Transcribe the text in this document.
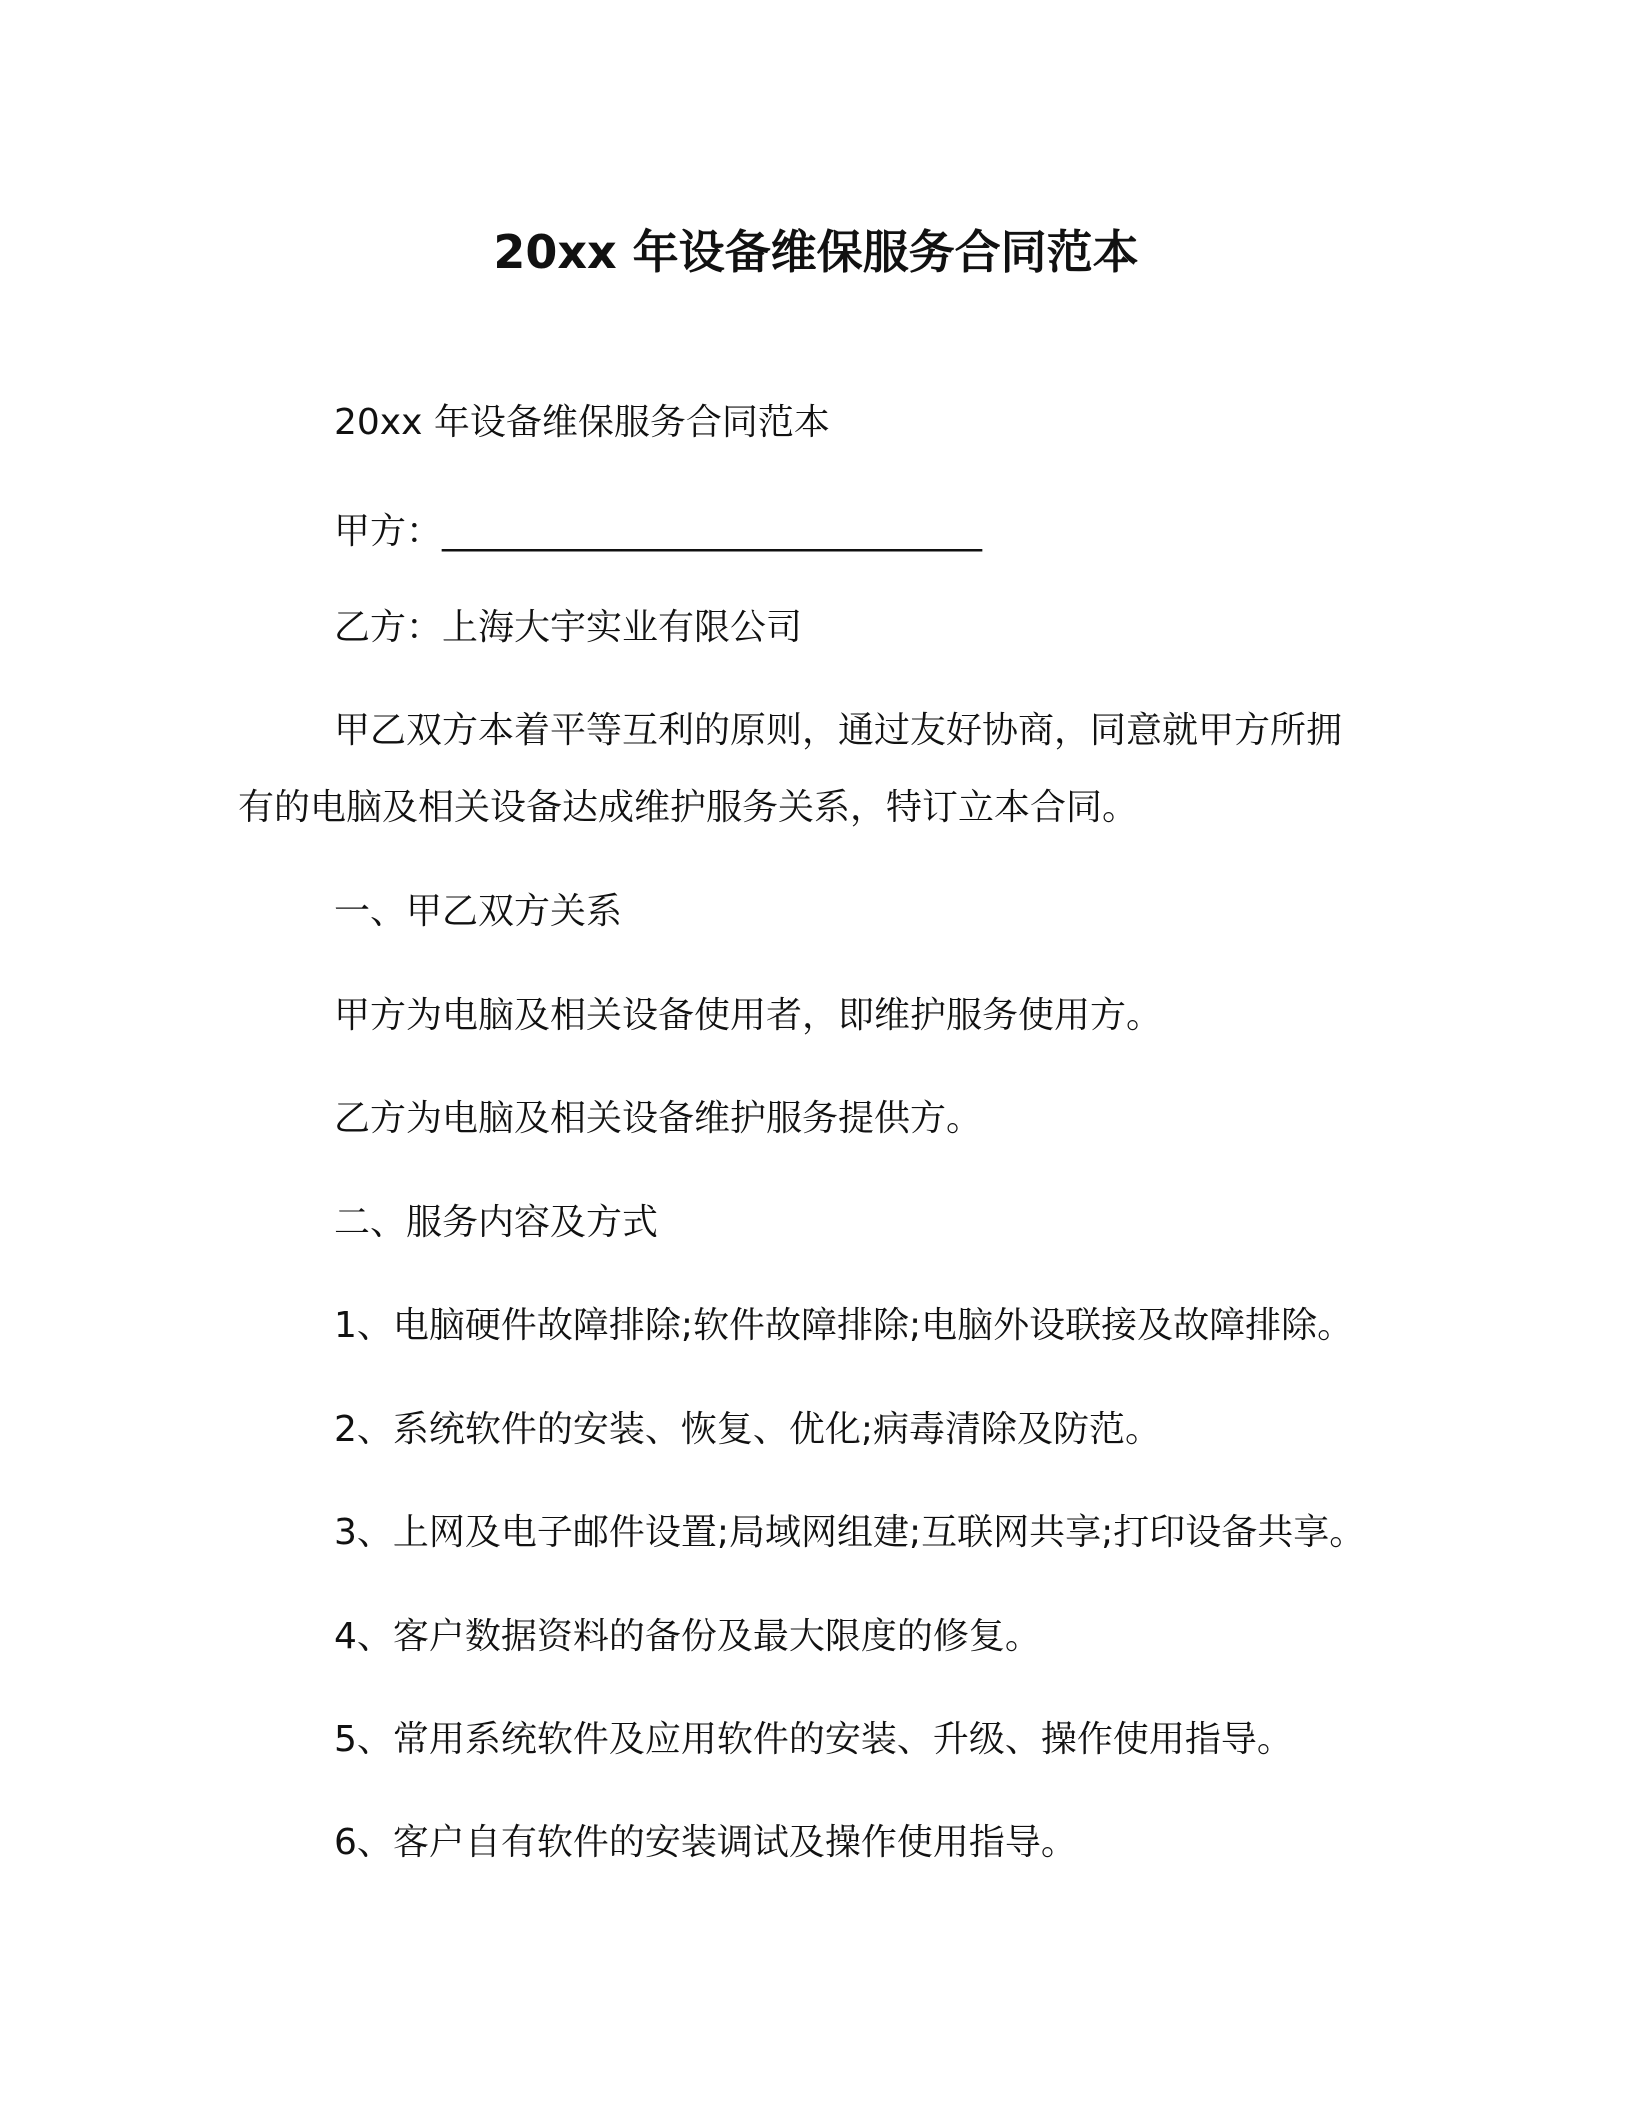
20xx 年设备维保服务合同范本
20xx 年设备维保服务合同范本
甲方：______________________________
乙方：上海大宇实业有限公司
甲乙双方本着平等互利的原则，通过友好协商，同意就甲方所拥
有的电脑及相关设备达成维护服务关系，特订立本合同。
一、甲乙双方关系
甲方为电脑及相关设备使用者，即维护服务使用方。
乙方为电脑及相关设备维护服务提供方。
二、服务内容及方式
1、电脑硬件故障排除;软件故障排除;电脑外设联接及故障排除。
2、系统软件的安装、恢复、优化;病毒清除及防范。
3、上网及电子邮件设置;局域网组建;互联网共享;打印设备共享。
4、客户数据资料的备份及最大限度的修复。
5、常用系统软件及应用软件的安装、升级、操作使用指导。
6、客户自有软件的安装调试及操作使用指导。
